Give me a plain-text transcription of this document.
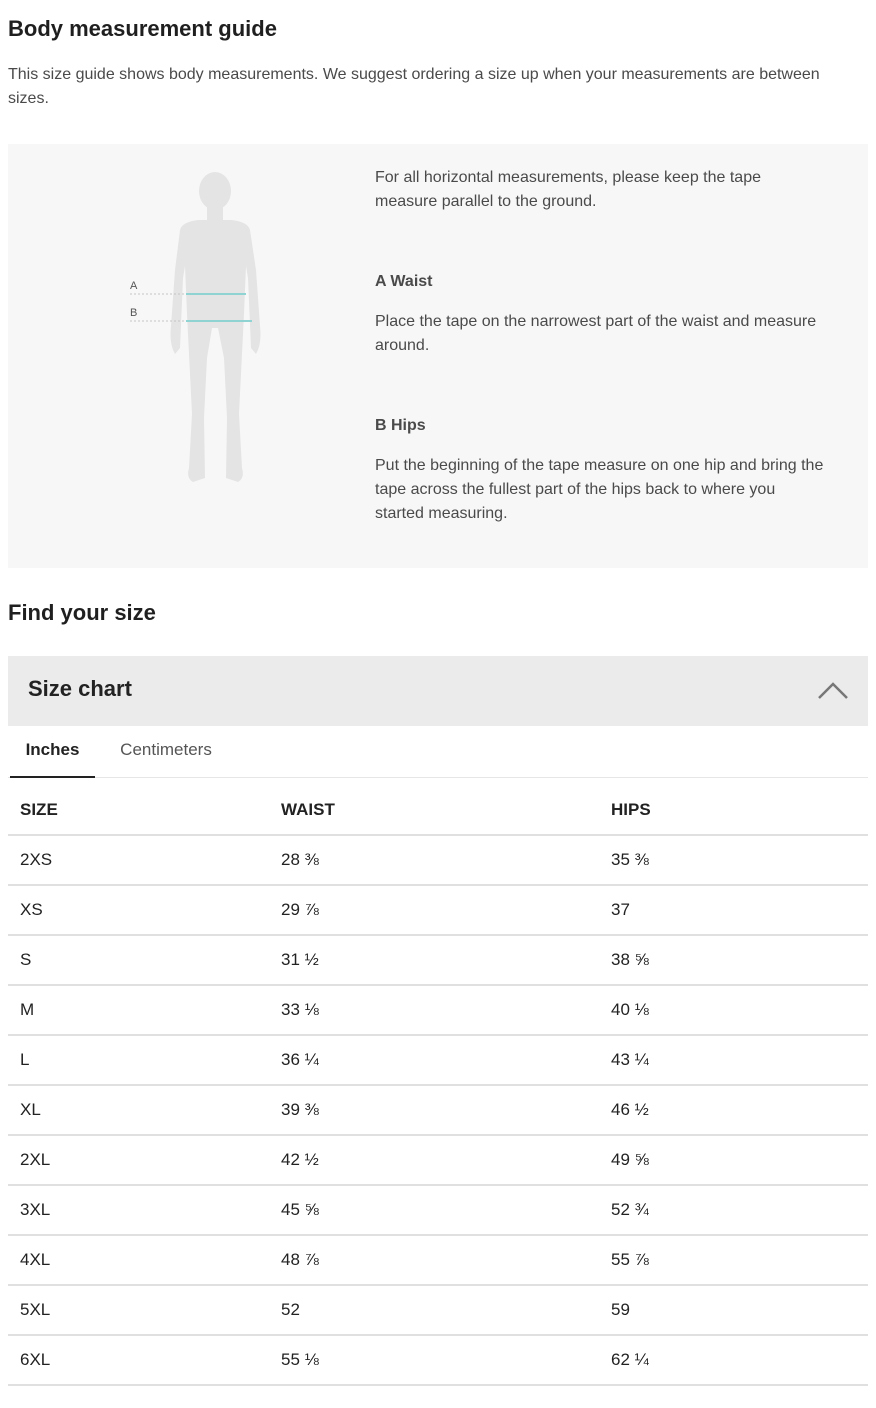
Body measurement guide

This size guide shows body measurements. We suggest ordering a size up when your measurements are between sizes.

A
B

For all horizontal measurements, please keep the tape measure parallel to the ground.

A Waist

Place the tape on the narrowest part of the waist and measure around.

B Hips

Put the beginning of the tape measure on one hip and bring the tape across the fullest part of the hips back to where you started measuring.

Find your size
Size chart
Inches	Centimeters
SIZE	WAIST	HIPS
2XS	28 ⅜	35 ⅜
XS	29 ⅞	37
S	31 ½	38 ⅝
M	33 ⅛	40 ⅛
L	36 ¼	43 ¼
XL	39 ⅜	46 ½
2XL	42 ½	49 ⅝
3XL	45 ⅝	52 ¾
4XL	48 ⅞	55 ⅞
5XL	52	59
6XL	55 ⅛	62 ¼
